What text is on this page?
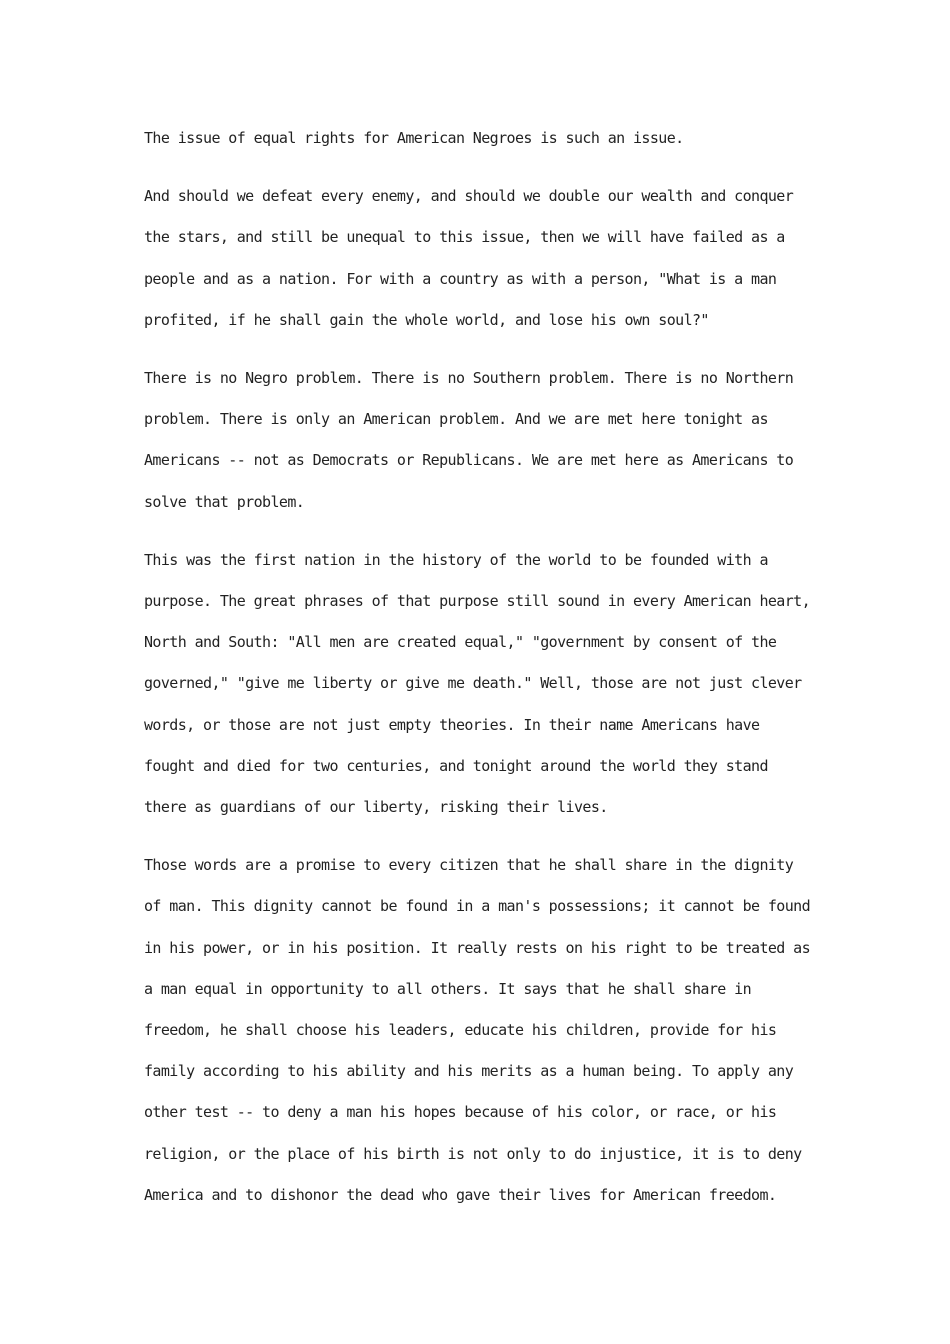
The issue of equal rights for American Negroes is such an issue.

And should we defeat every enemy, and should we double our wealth and conquer the stars, and still be unequal to this issue, then we will have failed as a people and as a nation. For with a country as with a person, "What is a man profited, if he shall gain the whole world, and lose his own soul?"

There is no Negro problem. There is no Southern problem. There is no Northern problem. There is only an American problem. And we are met here tonight as Americans -- not as Democrats or Republicans. We are met here as Americans to solve that problem.

This was the first nation in the history of the world to be founded with a purpose. The great phrases of that purpose still sound in every American heart, North and South: "All men are created equal," "government by consent of the governed," "give me liberty or give me death." Well, those are not just clever words, or those are not just empty theories. In their name Americans have fought and died for two centuries, and tonight around the world they stand there as guardians of our liberty, risking their lives.

Those words are a promise to every citizen that he shall share in the dignity of man. This dignity cannot be found in a man's possessions; it cannot be found in his power, or in his position. It really rests on his right to be treated as a man equal in opportunity to all others. It says that he shall share in freedom, he shall choose his leaders, educate his children, provide for his family according to his ability and his merits as a human being. To apply any other test -- to deny a man his hopes because of his color, or race, or his religion, or the place of his birth is not only to do injustice, it is to deny America and to dishonor the dead who gave their lives for American freedom.
